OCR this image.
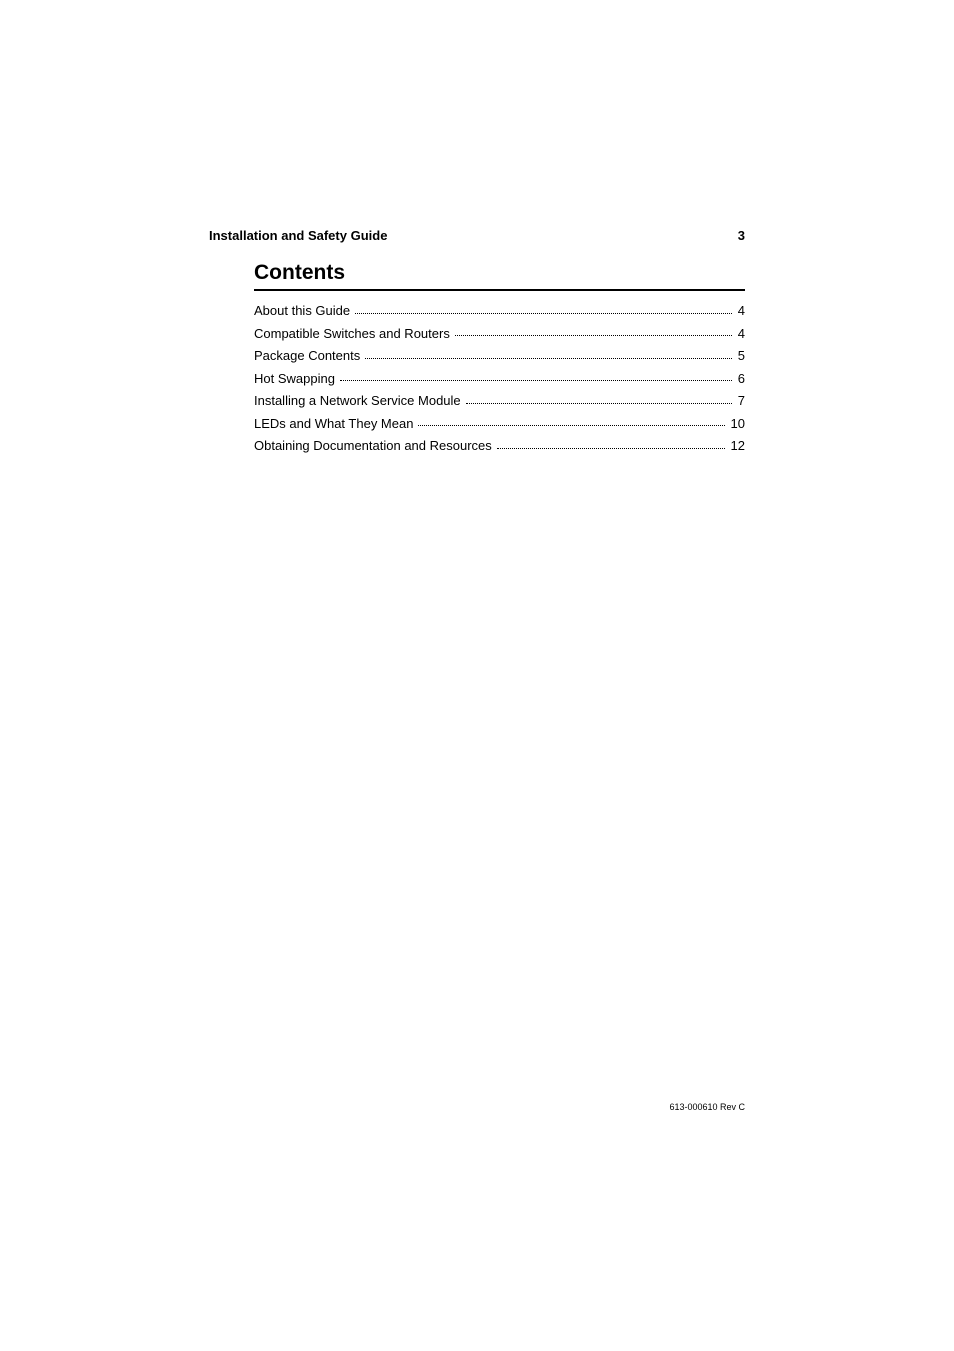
Installation and Safety Guide	3
Contents
About this Guide	4
Compatible Switches and Routers	4
Package Contents	5
Hot Swapping	6
Installing a Network Service Module	7
LEDs and What They Mean	10
Obtaining Documentation and Resources	12
613-000610 Rev C
